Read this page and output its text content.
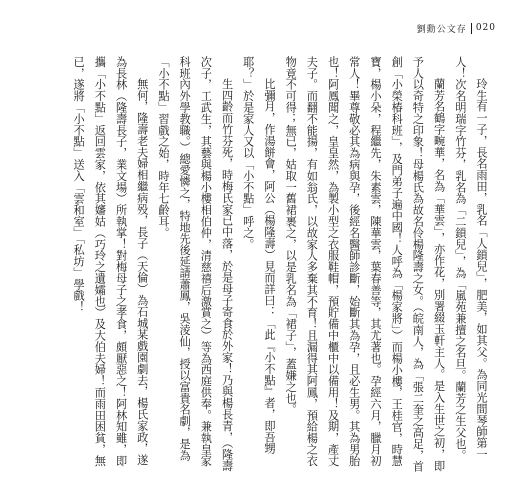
劉勳公文存 020

玲生有一子，長名雨田，乳名「人鎖兒」，肥美，如其父。為同光間琴師第一人！次名明瑞字竹芬，乳名為「二鎖兒」，為「嵐苑兼擅之名旦。蘭芳之生父也。

蘭芳名鶴字畹華，名為「華雲」，亦作花，別署綴玉軒主人。是入生世之初，即予人以奇特之印象！母楊氏為故名伶楊隆壽之女。（皖南人，為「張二奎之高足，首創「小榮椿科班」，及門弟子遍中國！人呼為「楊家將」）而楊小樓，王桂官，時慧寶，楊小朵，程繼先，朱素雲，陳華雲，葉春善等，其尤著也。孕經六月，臘月初常人！畢尊敬必其為病與孕，後經名醫師診斷，始斷其為孕，且必生男。其為男胎也！阿鳳聞之，皇皇然，為製小型之衣服鞋帽，預貯備中櫃中以備用！及期，產丈夫子。而翻不能揚，有如翁氏，以故家人多棄其不育！且漏得其阿鳳，預給楊之衣物竟不可得；無已，姑取一舊裙裹之，以是乳名為「裙子」，蓋嫌之也。

比彌月，作湯餅會，阿公（楊隆壽）見而詳曰：「此『小不點』者，即吾甥耶？」於是家人又以「小不點」呼之。

生四齡而竹芬死，時梅氏家已中落，於是母子寄食於外家！乃與楊長青，（隆壽次子，工武生，其藝與楊小樓相伯仲，清慈禧后激賞之）等為西庭供奉。兼執皇家科班內外學教職。）總愛憐之，特地先後延請蕭鳳，吳淩仙，授以富貴名劇，是為「小不點」習戲之始，時年七齡耳。

無何，隆壽老夫婦相繼病殁，長子（天倫）為石城某戲園劇去，楊氏家政，遂為長林（隆壽長子，業文場）所執掌！對梅母子之孝食，頗厭惡之！阿林知雖，即攜「小不點」返回雲家，依其嬸姑（巧玲之遺孀也）及大伯夫婦！而雨田困貧，無已，遂將「小不點」送入「雲和室」「私坊」學戲！
